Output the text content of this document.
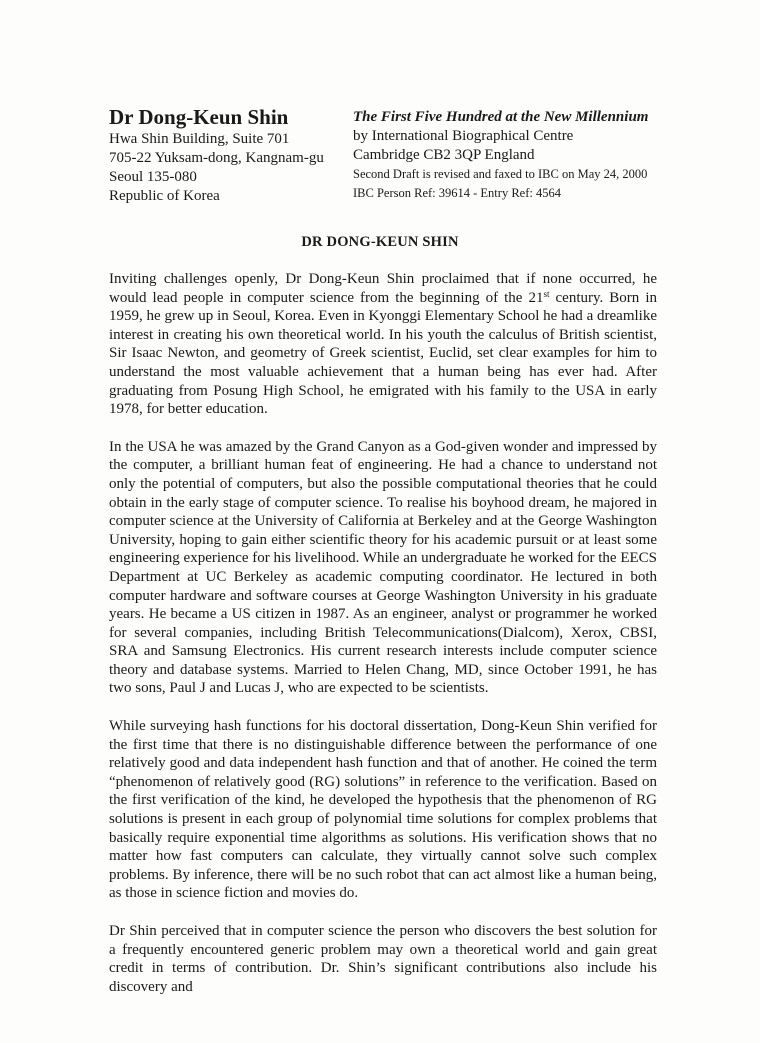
Dr Dong-Keun Shin
Hwa Shin Building, Suite 701
705-22 Yuksam-dong, Kangnam-gu
Seoul 135-080
Republic of Korea
The First Five Hundred at the New Millennium
by International Biographical Centre
Cambridge CB2 3QP England
Second Draft is revised and faxed to IBC on May 24, 2000
IBC Person Ref: 39614 - Entry Ref: 4564
DR DONG-KEUN SHIN

Inviting challenges openly, Dr Dong-Keun Shin proclaimed that if none occurred, he would lead people in computer science from the beginning of the 21st century. Born in 1959, he grew up in Seoul, Korea. Even in Kyonggi Elementary School he had a dreamlike interest in creating his own theoretical world. In his youth the calculus of British scientist, Sir Isaac Newton, and geometry of Greek scientist, Euclid, set clear examples for him to understand the most valuable achievement that a human being has ever had. After graduating from Posung High School, he emigrated with his family to the USA in early 1978, for better education.

In the USA he was amazed by the Grand Canyon as a God-given wonder and impressed by the computer, a brilliant human feat of engineering. He had a chance to understand not only the potential of computers, but also the possible computational theories that he could obtain in the early stage of computer science. To realise his boyhood dream, he majored in computer science at the University of California at Berkeley and at the George Washington University, hoping to gain either scientific theory for his academic pursuit or at least some engineering experience for his livelihood. While an undergraduate he worked for the EECS Department at UC Berkeley as academic computing coordinator. He lectured in both computer hardware and software courses at George Washington University in his graduate years. He became a US citizen in 1987. As an engineer, analyst or programmer he worked for several companies, including British Telecommunications(Dialcom), Xerox, CBSI, SRA and Samsung Electronics. His current research interests include computer science theory and database systems. Married to Helen Chang, MD, since October 1991, he has two sons, Paul J and Lucas J, who are expected to be scientists.

While surveying hash functions for his doctoral dissertation, Dong-Keun Shin verified for the first time that there is no distinguishable difference between the performance of one relatively good and data independent hash function and that of another. He coined the term “phenomenon of relatively good (RG) solutions” in reference to the verification. Based on the first verification of the kind, he developed the hypothesis that the phenomenon of RG solutions is present in each group of polynomial time solutions for complex problems that basically require exponential time algorithms as solutions. His verification shows that no matter how fast computers can calculate, they virtually cannot solve such complex problems. By inference, there will be no such robot that can act almost like a human being, as those in science fiction and movies do.

Dr Shin perceived that in computer science the person who discovers the best solution for a frequently encountered generic problem may own a theoretical world and gain great credit in terms of contribution. Dr. Shin’s significant contributions also include his discovery and
